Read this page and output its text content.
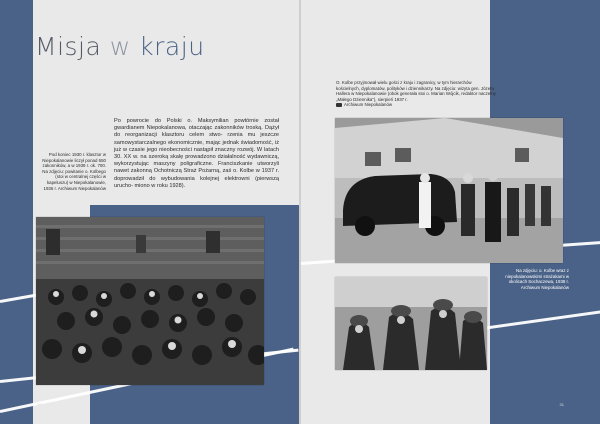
Misja w kraju

Po powrocie do Polski o. Maksymilian powtórnie został gwardianem Niepokalanowa, otaczając zakonników troską. Dążył do reorganizacji klasztoru celem stwo- rzenia mu jeszcze samowystarczalnego ekonomicznie, mając jednak świadomość, iż już w czasie jego nieobecności nastąpił znaczny rozwój. W latach 30. XX w. na szeroką skalę prowadzono działalność wydawniczą, wykorzystując maszyny poligraficzne. Franciszkanie utworzyli nawet zakonną Ochotniczą Straż Pożarną, zaś o. Kolbe w 1937 r. doprowadził do wybudowania kolejnej elektrowni (pierwszą urucho- miono w roku 1928).

Pod koniec 1930 r. klasztor w Niepokalanowie liczył ponad 650 zakonników, a w 1939 r. ok. 700. Na zdjęciu: powitanie o. Kolbego (stoi w centralnej części w kapeluszu) w Niepokalanowie, 1936 r. Archiwum Niepokalanów

30

O. Kolbe przyjmował wielu gości z kraju i zagranicy, w tym hierarchów kościelnych, dyplomatów, polityków i dziennikarzy. Na zdjęciu: wizyta gen. Józefa Hallera w Niepokalanowie (obok generała stoi o. Marian Wójcik, redaktor naczelny „Małego Dziennika”), sierpień 1937 r.
Archiwum Niepokalanów

Na zdjęciu: o. Kolbe wraz z niepokalanowskimi strażakami w okolicach Sochaczewa, 1938 r.
Archiwum Niepokalanów

31
